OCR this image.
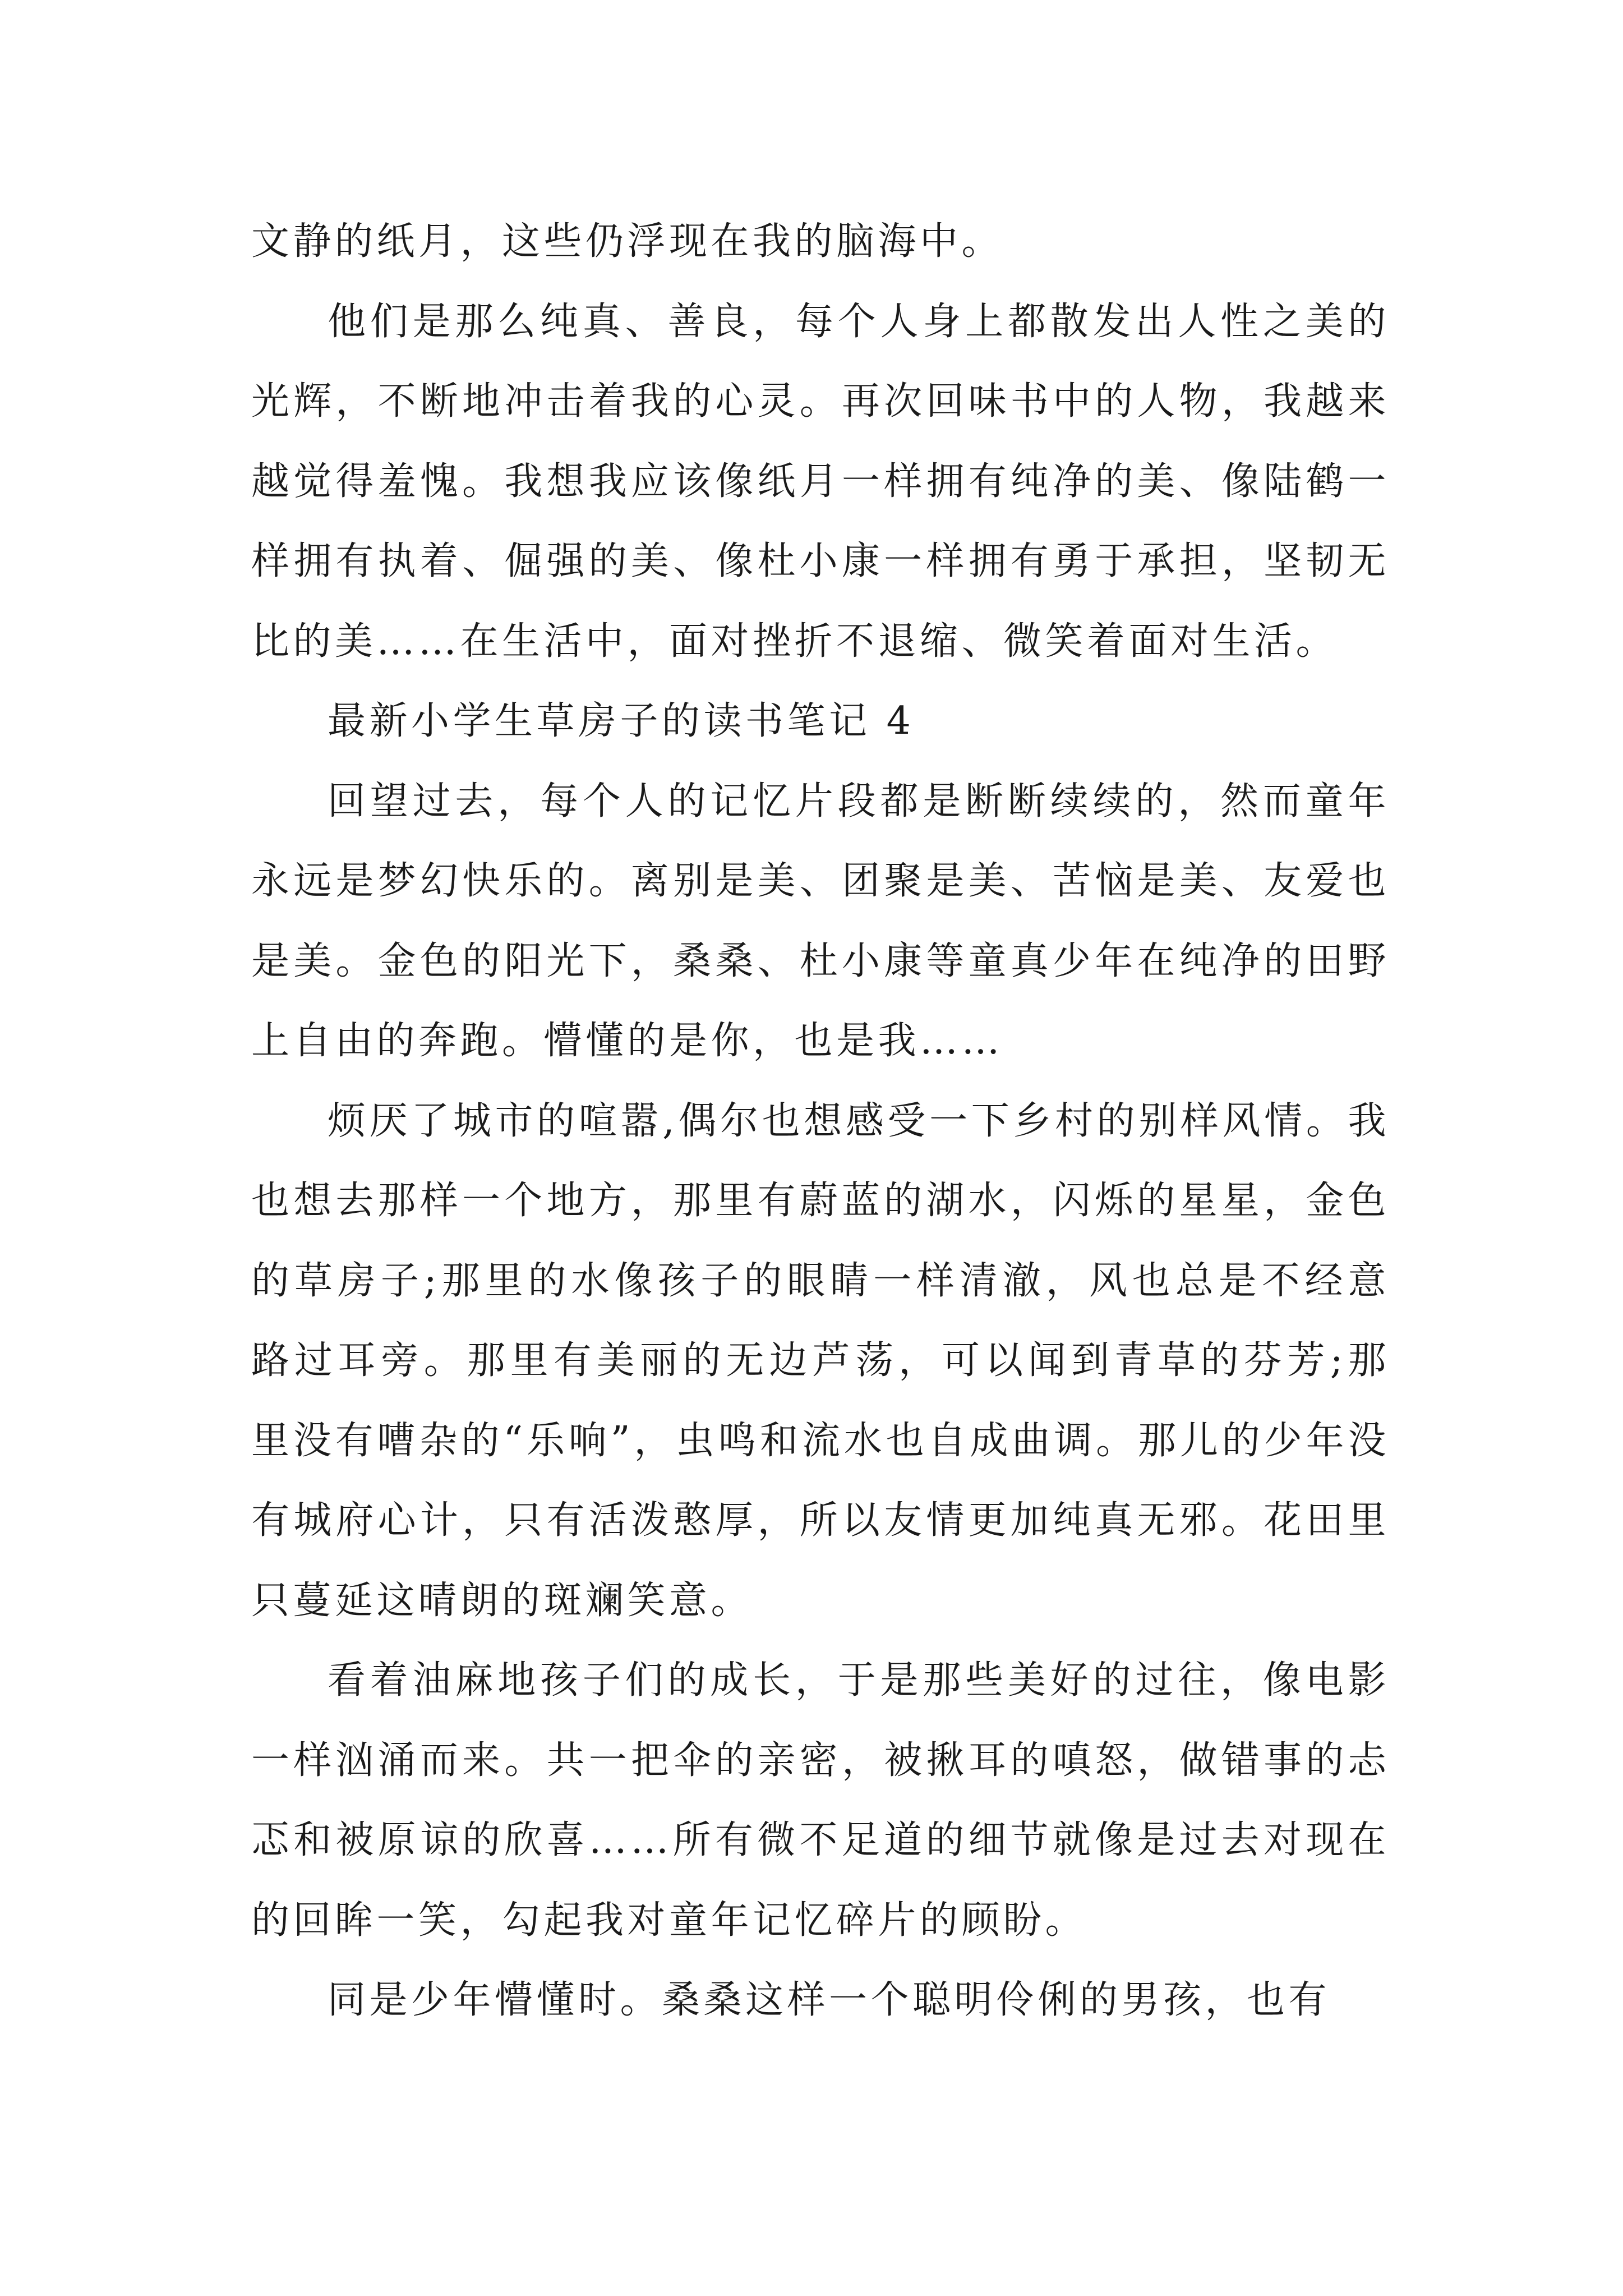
文静的纸月，这些仍浮现在我的脑海中。

他们是那么纯真、善良，每个人身上都散发出人性之美的光辉，不断地冲击着我的心灵。再次回味书中的人物，我越来越觉得羞愧。我想我应该像纸月一样拥有纯净的美、像陆鹤一样拥有执着、倔强的美、像杜小康一样拥有勇于承担，坚韧无比的美……在生活中，面对挫折不退缩、微笑着面对生活。

最新小学生草房子的读书笔记 4

回望过去，每个人的记忆片段都是断断续续的，然而童年永远是梦幻快乐的。离别是美、团聚是美、苦恼是美、友爱也是美。金色的阳光下，桑桑、杜小康等童真少年在纯净的田野上自由的奔跑。懵懂的是你，也是我……

烦厌了城市的喧嚣,偶尔也想感受一下乡村的别样风情。我也想去那样一个地方，那里有蔚蓝的湖水，闪烁的星星，金色的草房子;那里的水像孩子的眼睛一样清澈，风也总是不经意路过耳旁。那里有美丽的无边芦荡，可以闻到青草的芬芳;那里没有嘈杂的“乐响”，虫鸣和流水也自成曲调。那儿的少年没有城府心计，只有活泼憨厚，所以友情更加纯真无邪。花田里只蔓延这晴朗的斑斓笑意。

看着油麻地孩子们的成长，于是那些美好的过往，像电影一样汹涌而来。共一把伞的亲密，被揪耳的嗔怒，做错事的忐忑和被原谅的欣喜……所有微不足道的细节就像是过去对现在的回眸一笑，勾起我对童年记忆碎片的顾盼。

同是少年懵懂时。桑桑这样一个聪明伶俐的男孩，也有
